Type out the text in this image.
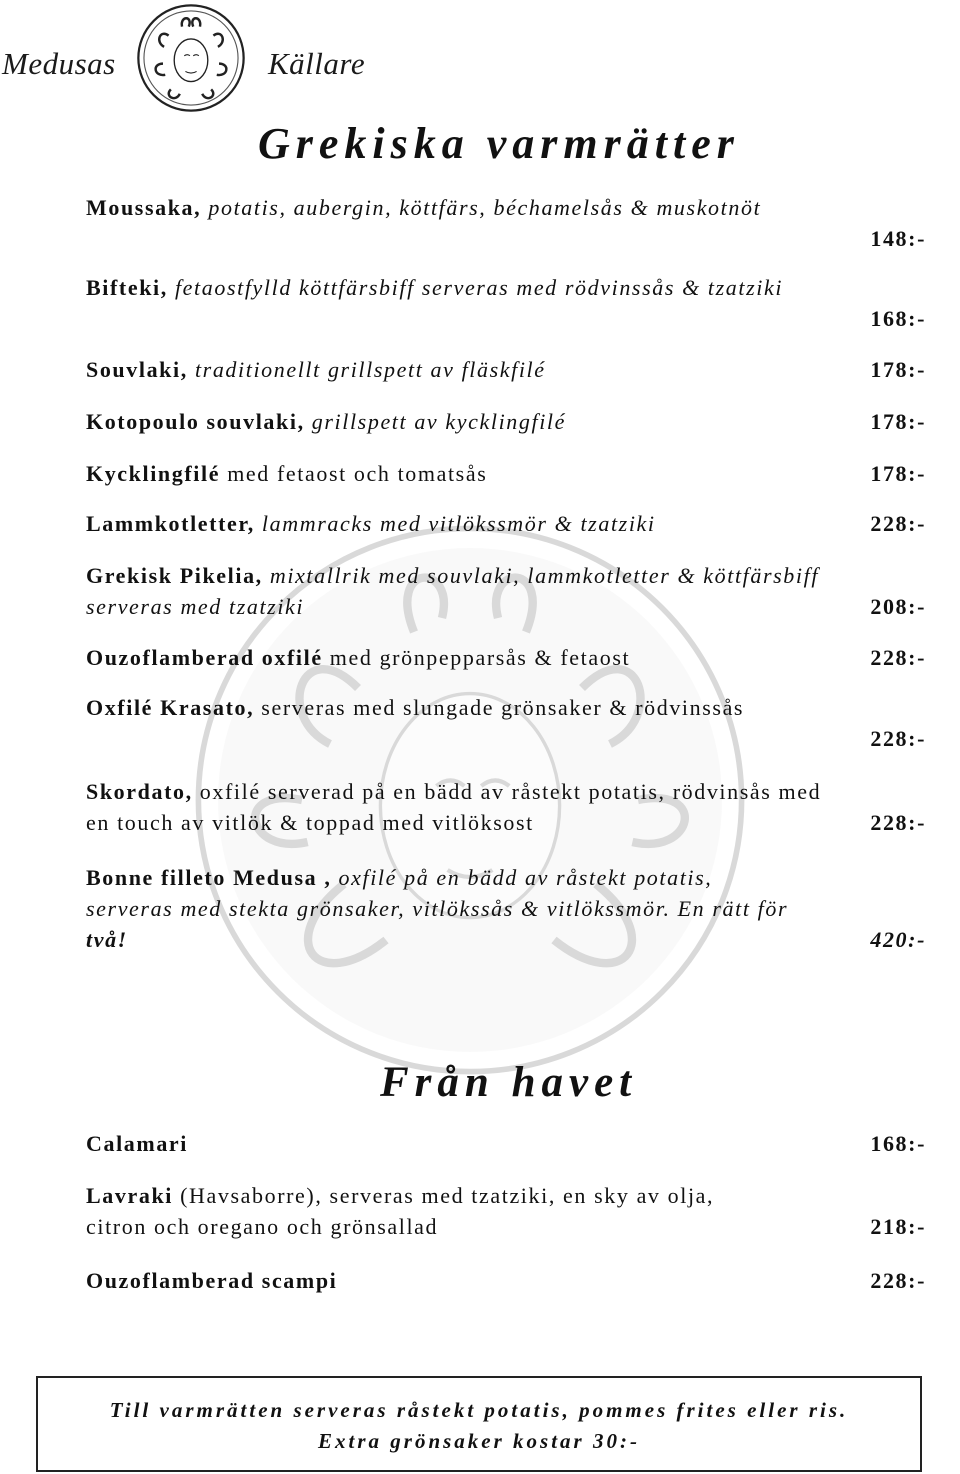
Medusas	Källare
Grekiska varmrätter
Moussaka, potatis, aubergin, köttfärs, béchamelsås & muskotnöt
148:-
Bifteki, fetaostfylld köttfärsbiff serveras med rödvinssås & tzatziki
168:-
Souvlaki, traditionellt grillspett av fläskfilé	178:-
Kotopoulo souvlaki, grillspett av kycklingfilé	178:-
Kycklingfilé med fetaost och tomatsås	178:-
Lammkotletter, lammracks med vitlökssmör & tzatziki	228:-
Grekisk Pikelia, mixtallrik med souvlaki, lammkotletter & köttfärsbiff serveras med tzatziki	208:-
Ouzoflamberad oxfilé med grönpepparsås & fetaost	228:-
Oxfilé Krasato, serveras med slungade grönsaker & rödvinssås
228:-
Skordato, oxfilé serverad på en bädd av råstekt potatis, rödvinsås med en touch av vitlök & toppad med vitlöksost	228:-
Bonne filleto Medusa , oxfilé på en bädd av råstekt potatis, serveras med stekta grönsaker, vitlökssås & vitlökssmör. En rätt för två!	420:-
Från havet
Calamari	168:-
Lavraki (Havsaborre), serveras med tzatziki, en sky av olja, citron och oregano och grönsallad	218:-
Ouzoflamberad scampi	228:-
Till varmrätten serveras råstekt potatis, pommes frites eller ris.
Extra grönsaker kostar 30:-
